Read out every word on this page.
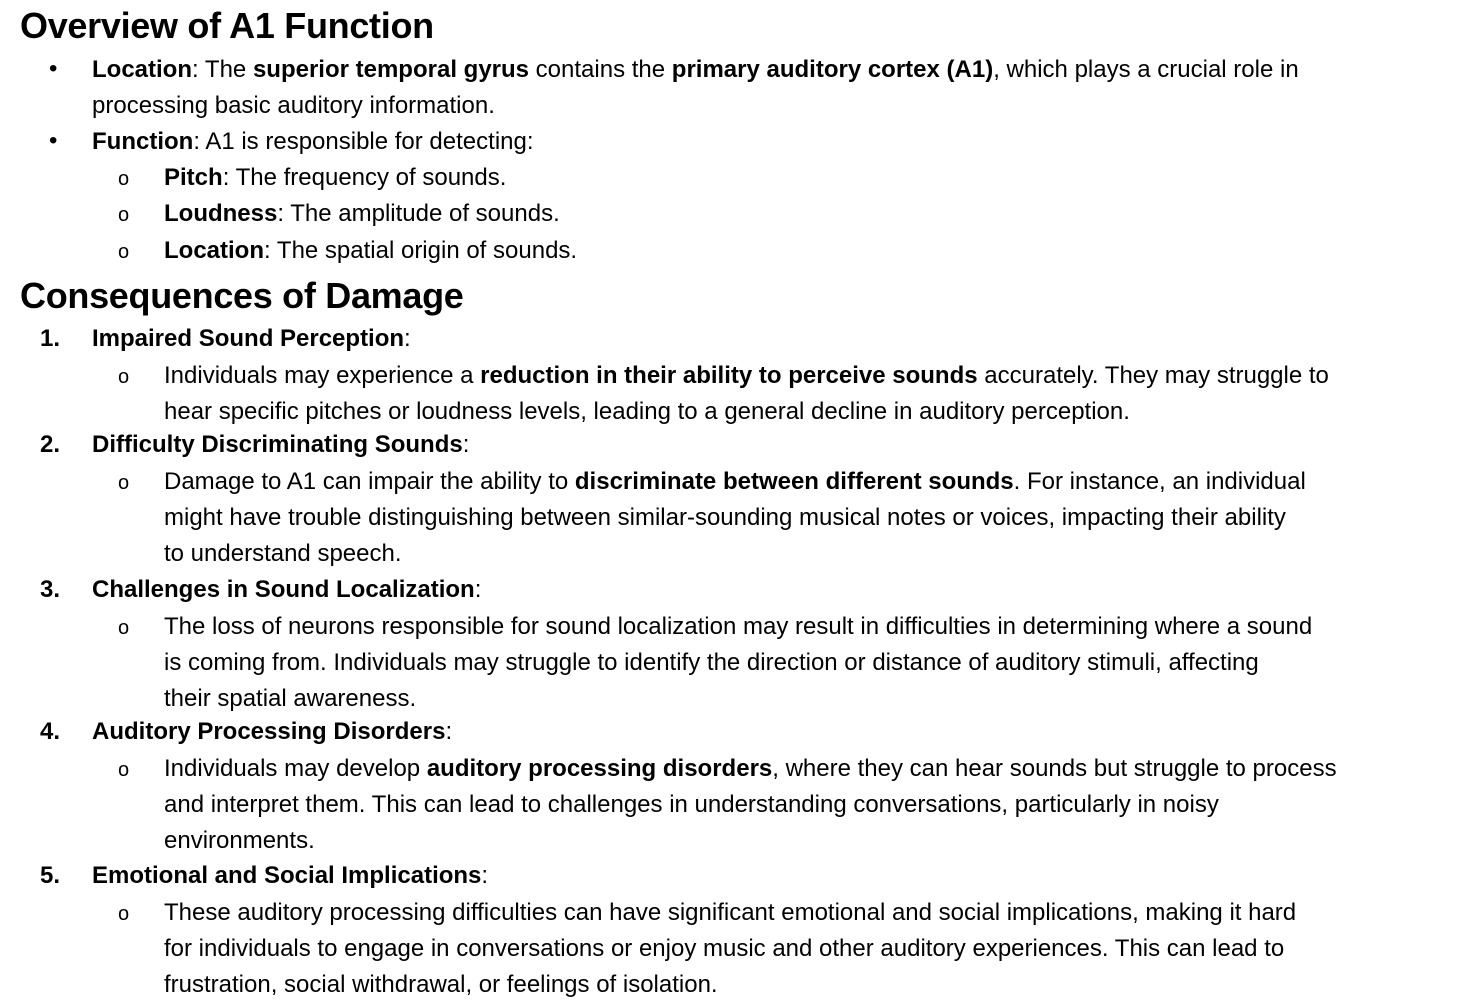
Overview of A1 Function
• Location: The superior temporal gyrus contains the primary auditory cortex (A1), which plays a crucial role in
processing basic auditory information.
• Function: A1 is responsible for detecting:
o Pitch: The frequency of sounds.
o Loudness: The amplitude of sounds.
o Location: The spatial origin of sounds.
Consequences of Damage
1. Impaired Sound Perception:
o Individuals may experience a reduction in their ability to perceive sounds accurately. They may struggle to
hear specific pitches or loudness levels, leading to a general decline in auditory perception.
2. Difficulty Discriminating Sounds:
o Damage to A1 can impair the ability to discriminate between different sounds. For instance, an individual
might have trouble distinguishing between similar-sounding musical notes or voices, impacting their ability
to understand speech.
3. Challenges in Sound Localization:
o The loss of neurons responsible for sound localization may result in difficulties in determining where a sound
is coming from. Individuals may struggle to identify the direction or distance of auditory stimuli, affecting
their spatial awareness.
4. Auditory Processing Disorders:
o Individuals may develop auditory processing disorders, where they can hear sounds but struggle to process
and interpret them. This can lead to challenges in understanding conversations, particularly in noisy
environments.
5. Emotional and Social Implications:
o These auditory processing difficulties can have significant emotional and social implications, making it hard
for individuals to engage in conversations or enjoy music and other auditory experiences. This can lead to
frustration, social withdrawal, or feelings of isolation.
